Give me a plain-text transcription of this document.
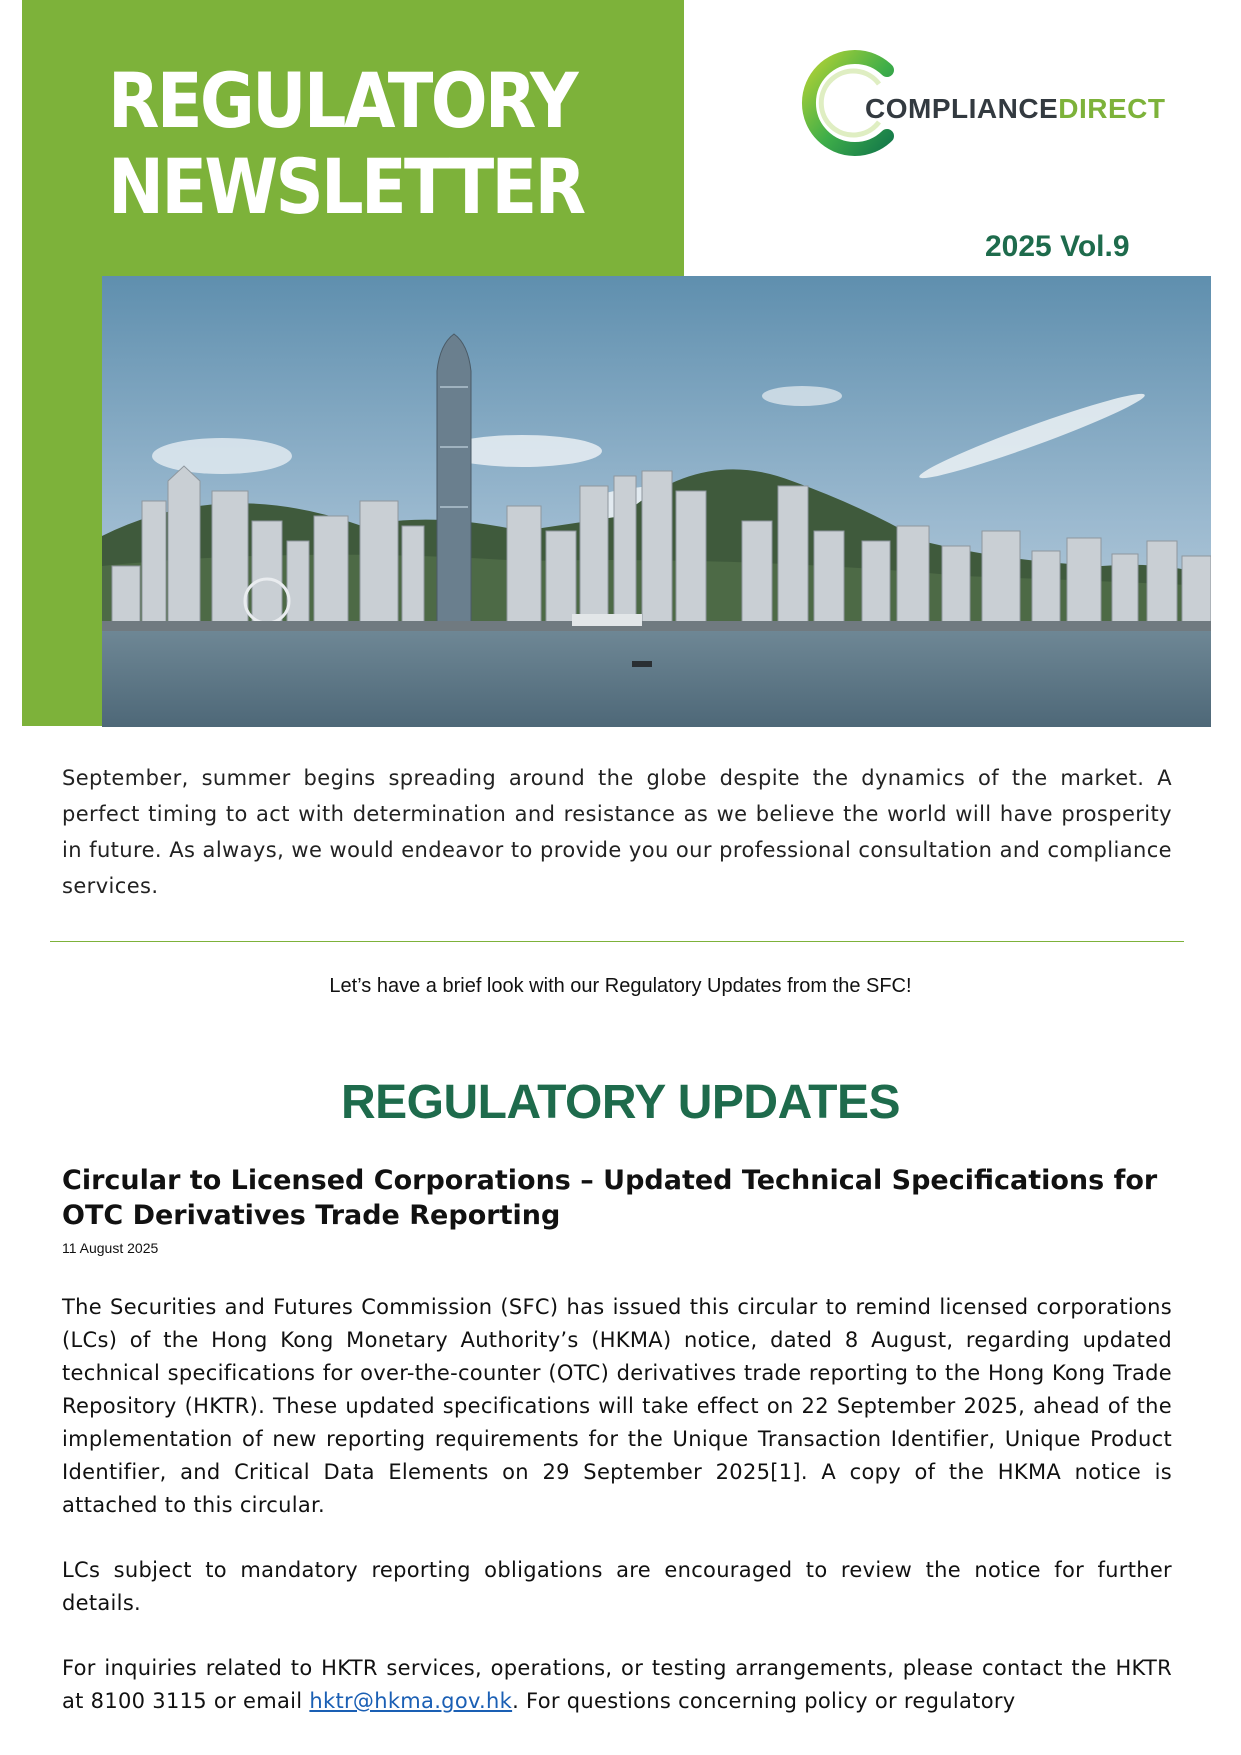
REGULATORY
NEWSLETTER
COMPLIANCEDIRECT
2025 Vol.9

September, summer begins spreading around the globe despite the dynamics of the market. A perfect timing to act with determination and resistance as we believe the world will have prosperity in future. As always, we would endeavor to provide you our professional consultation and compliance services.

Let’s have a brief look with our Regulatory Updates from the SFC!

REGULATORY UPDATES
Circular to Licensed Corporations – Updated Technical Specifications for OTC Derivatives Trade Reporting

11 August 2025

The Securities and Futures Commission (SFC) has issued this circular to remind licensed corporations (LCs) of the Hong Kong Monetary Authority’s (HKMA) notice, dated 8 August, regarding updated technical specifications for over-the-counter (OTC) derivatives trade reporting to the Hong Kong Trade Repository (HKTR). These updated specifications will take effect on 22 September 2025, ahead of the implementation of new reporting requirements for the Unique Transaction Identifier, Unique Product Identifier, and Critical Data Elements on 29 September 2025[1]. A copy of the HKMA notice is attached to this circular.

LCs subject to mandatory reporting obligations are encouraged to review the notice for further details.

For inquiries related to HKTR services, operations, or testing arrangements, please contact the HKTR at 8100 3115 or email hktr@hkma.gov.hk. For questions concerning policy or regulatory
